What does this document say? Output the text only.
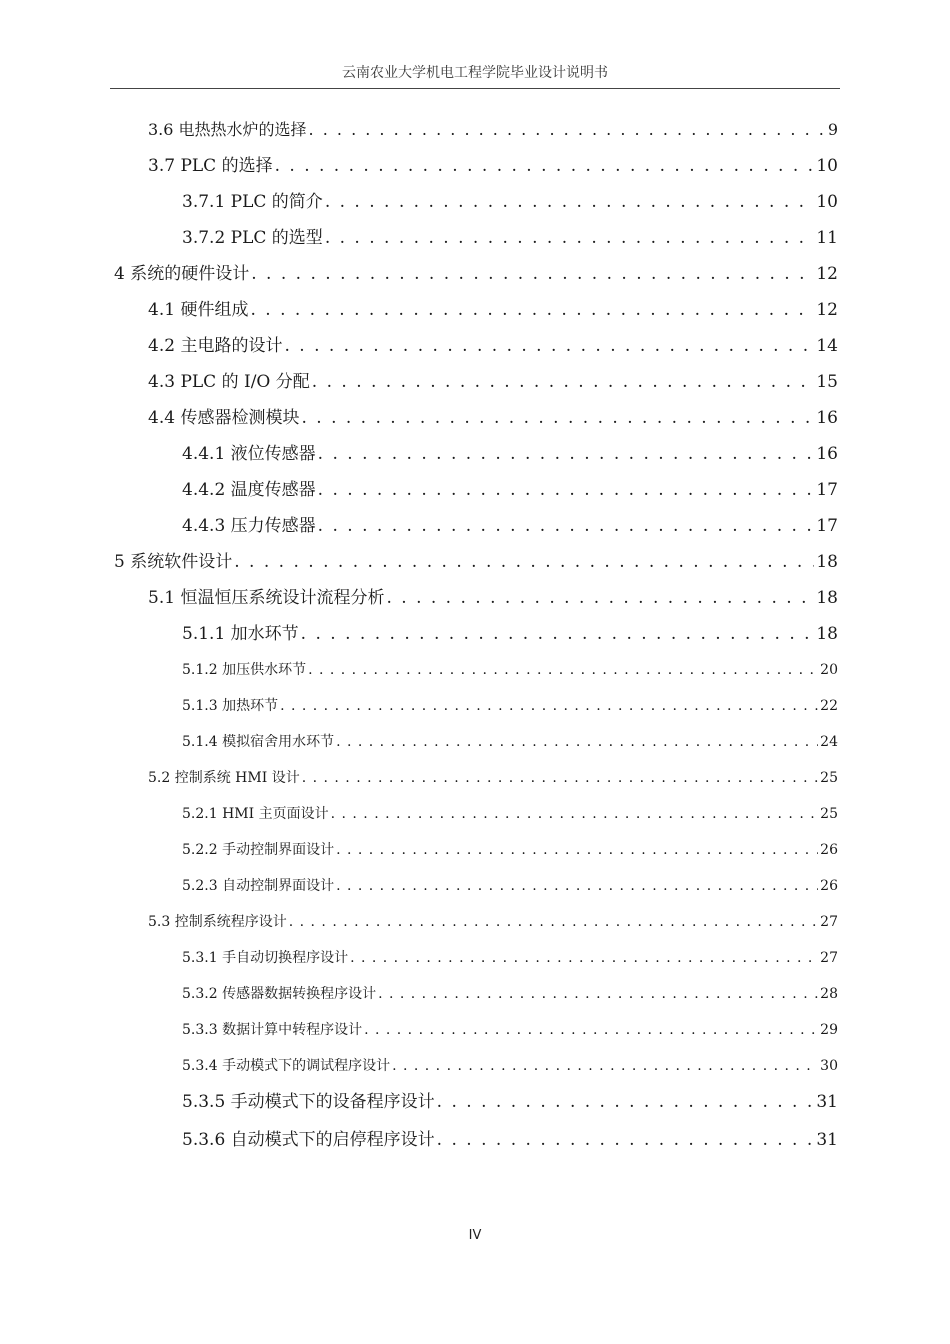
云南农业大学机电工程学院毕业设计说明书
3.6 电热热水炉的选择 . . .	9
3.7 PLC 的选择 . . .	10
3.7.1 PLC 的简介 . . .	10
3.7.2 PLC 的选型 . . .	11
4 系统的硬件设计 . . .	12
4.1 硬件组成 . . .	12
4.2 主电路的设计 . . .	14
4.3 PLC 的 I/O 分配 . . .	15
4.4 传感器检测模块 . . .	16
4.4.1 液位传感器 . . .	16
4.4.2 温度传感器 . . .	17
4.4.3 压力传感器 . . .	17
5 系统软件设计 . . .	18
5.1 恒温恒压系统设计流程分析 . . .	18
5.1.1 加水环节 . . .	18
5.1.2 加压供水环节 . . .	20
5.1.3 加热环节 . . .	22
5.1.4 模拟宿舍用水环节 . . .	24
5.2 控制系统 HMI 设计 . . .	25
5.2.1 HMI 主页面设计 . . .	25
5.2.2 手动控制界面设计 . . .	26
5.2.3 自动控制界面设计 . . .	26
5.3 控制系统程序设计 . . .	27
5.3.1 手自动切换程序设计 . . .	27
5.3.2 传感器数据转换程序设计 . . .	28
5.3.3 数据计算中转程序设计 . . .	29
5.3.4 手动模式下的调试程序设计 . . .	30
5.3.5 手动模式下的设备程序设计 . . .	31
5.3.6 自动模式下的启停程序设计 . . .	31
IV
